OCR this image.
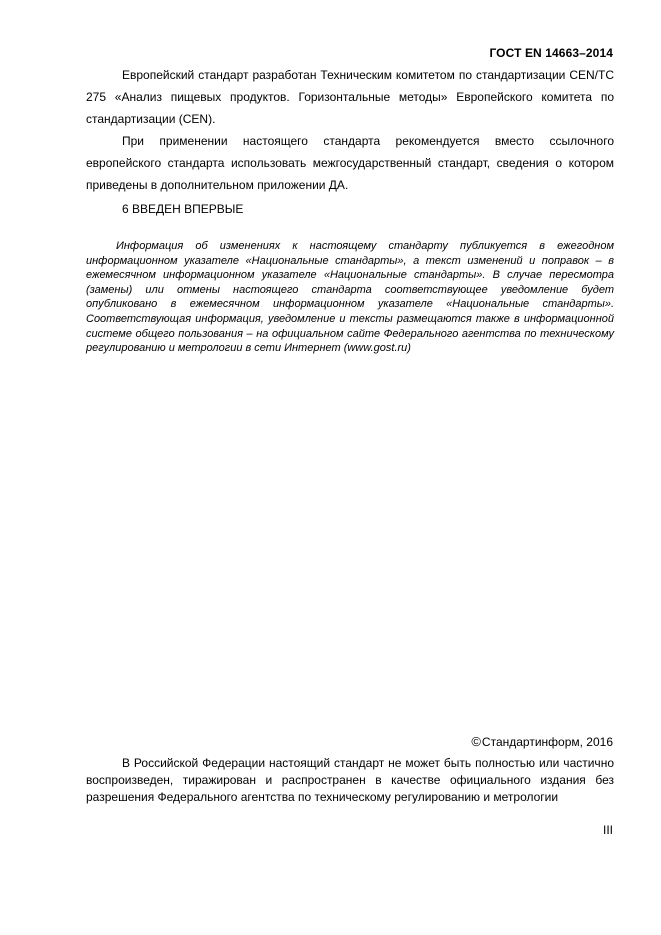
ГОСТ EN 14663–2014

Европейский стандарт разработан Техническим комитетом по стандартизации CEN/TC 275 «Анализ пищевых продуктов. Горизонтальные методы» Европейского комитета по стандартизации (CEN).

При применении настоящего стандарта рекомендуется вместо ссылочного европейского стандарта использовать межгосударственный стандарт, сведения о котором приведены в дополнительном приложении ДА.

6 ВВЕДЕН ВПЕРВЫЕ

Информация об изменениях к настоящему стандарту публикуется в ежегодном информационном указателе «Национальные стандарты», а текст изменений и поправок – в ежемесячном информационном указателе «Национальные стандарты». В случае пересмотра (замены) или отмены настоящего стандарта соответствующее уведомление будет опубликовано в ежемесячном информационном указателе «Национальные стандарты». Соответствующая информация, уведомление и тексты размещаются также в информационной системе общего пользования – на официальном сайте Федерального агентства по техническому регулированию и метрологии в сети Интернет (www.gost.ru)

©Стандартинформ, 2016

В Российской Федерации настоящий стандарт не может быть полностью или частично воспроизведен, тиражирован и распространен в качестве официального издания без разрешения Федерального агентства по техническому регулированию и метрологии

III
